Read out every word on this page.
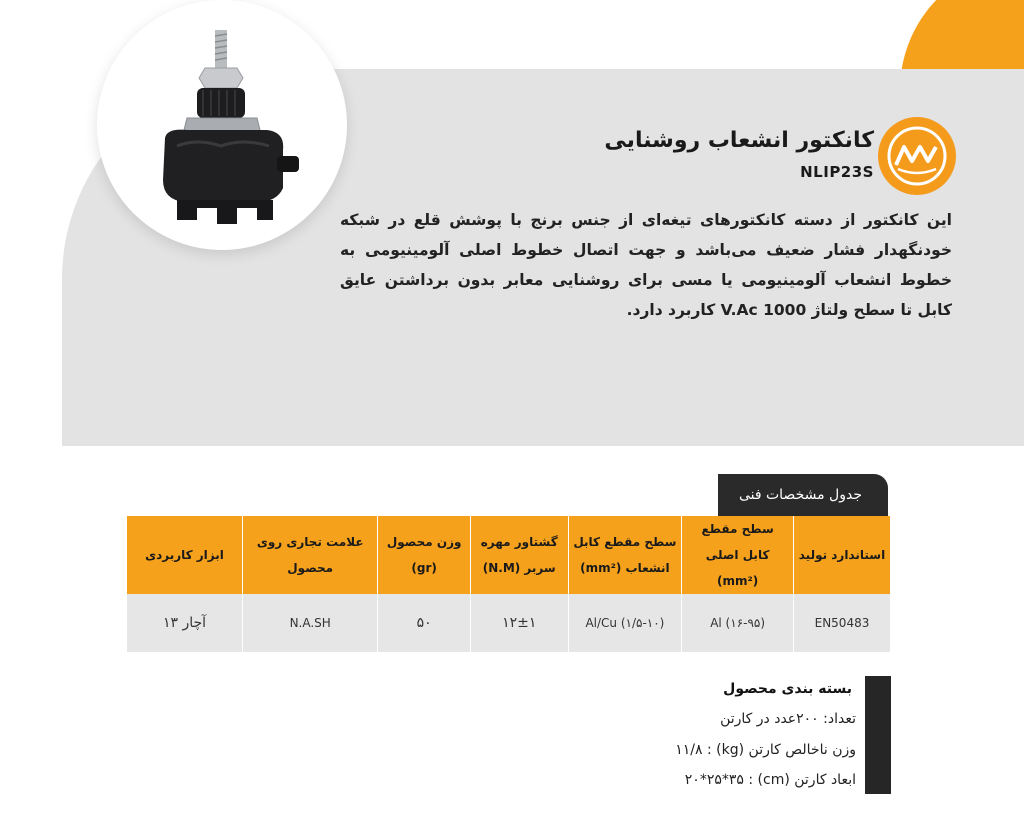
کانکتور انشعاب روشنایی
NLIP23S
این کانکتور از دسته کانکتورهای تیغه‌ای از جنس برنج با پوشش قلع در شبکه خودنگهدار فشار ضعیف می‌باشد و جهت اتصال خطوط اصلی آلومینیومی به خطوط انشعاب آلومینیومی یا مسی برای روشنایی معابر بدون برداشتن عایق کابل تا سطح ولتاژ 1000 V.Ac کاربرد دارد.
جدول مشخصات فنی
استاندارد تولید	سطح مقطع کابل اصلی (mm²)	سطح مقطع کابل انشعاب (mm²)	گشتاور مهره سربر (N.M)	وزن محصول (gr)	علامت تجاری روی محصول	ابزار کاربردی
EN50483	Al (۱۶-۹۵)	Al/Cu (۱/۵-۱۰)	۱۲±۱	۵۰	N.A.SH	آچار ۱۳
بسته بندی محصول
تعداد: ۲۰۰عدد در کارتن
وزن ناخالص کارتن (kg) : ۱۱/۸
ابعاد کارتن (cm) : ۲۰*۲۵*۳۵
